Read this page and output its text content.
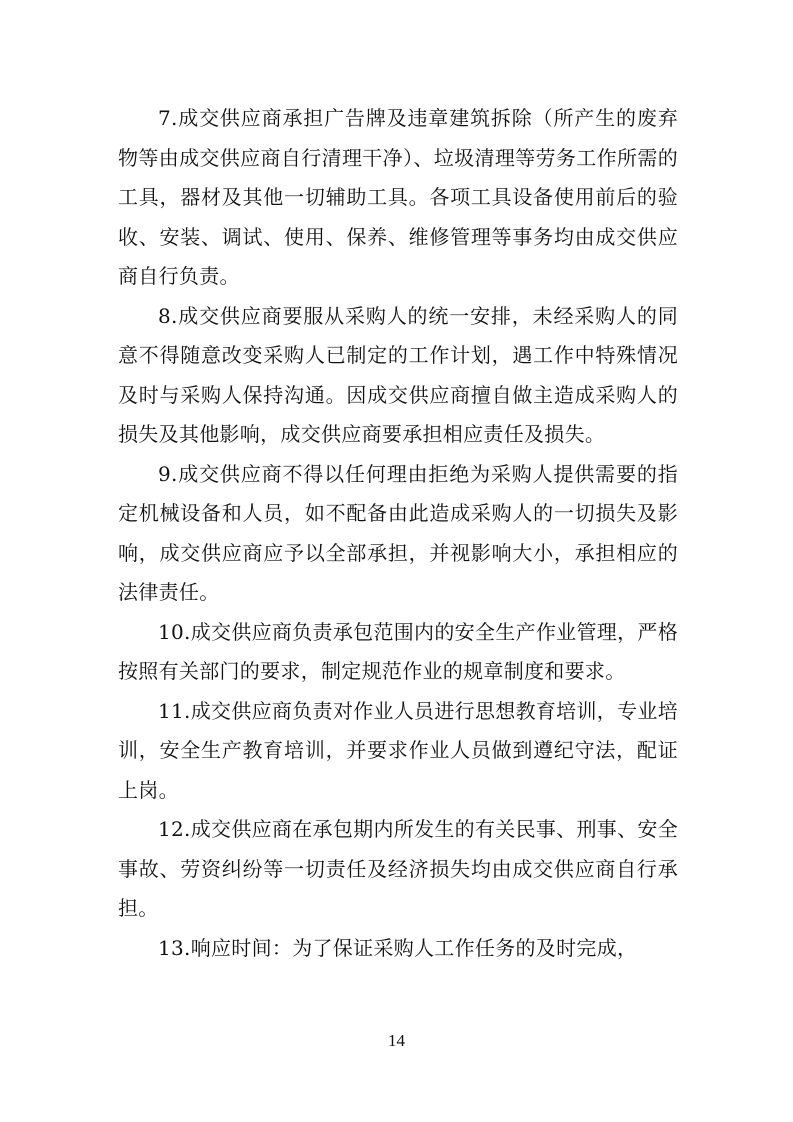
7.成交供应商承担广告牌及违章建筑拆除（所产生的废弃物等由成交供应商自行清理干净）、垃圾清理等劳务工作所需的工具，器材及其他一切辅助工具。各项工具设备使用前后的验收、安装、调试、使用、保养、维修管理等事务均由成交供应商自行负责。

8.成交供应商要服从采购人的统一安排，未经采购人的同意不得随意改变采购人已制定的工作计划，遇工作中特殊情况及时与采购人保持沟通。因成交供应商擅自做主造成采购人的损失及其他影响，成交供应商要承担相应责任及损失。

9.成交供应商不得以任何理由拒绝为采购人提供需要的指定机械设备和人员，如不配备由此造成采购人的一切损失及影响，成交供应商应予以全部承担，并视影响大小，承担相应的法律责任。

10.成交供应商负责承包范围内的安全生产作业管理，严格按照有关部门的要求，制定规范作业的规章制度和要求。

11.成交供应商负责对作业人员进行思想教育培训，专业培训，安全生产教育培训，并要求作业人员做到遵纪守法，配证上岗。

12.成交供应商在承包期内所发生的有关民事、刑事、安全事故、劳资纠纷等一切责任及经济损失均由成交供应商自行承担。

13.响应时间：为了保证采购人工作任务的及时完成，

14
